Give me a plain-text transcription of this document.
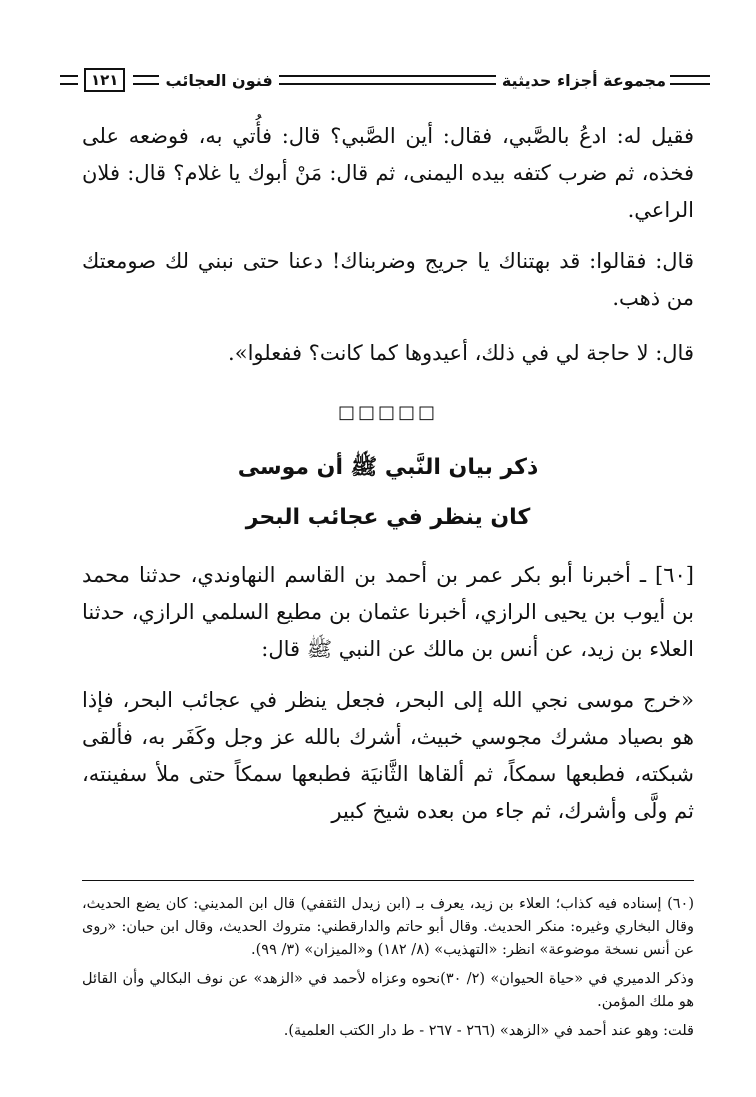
مجموعة أجزاء حديثية
فنون العجائب
١٢١

فقيل له: ادعُ بالصَّبي، فقال: أين الصَّبي؟ قال: فأُتي به، فوضعه على فخذه، ثم ضرب كتفه بيده اليمنى، ثم قال: مَنْ أبوك يا غلام؟ قال: فلان الراعي.

قال: فقالوا: قد بهتناك يا جريج وضربناك! دعنا حتى نبني لك صومعتك من ذهب.

قال: لا حاجة لي في ذلك، أعيدوها كما كانت؟ ففعلوا».

□□□□□

ذكر بيان النَّبي ﷺ أن موسى

كان ينظر في عجائب البحر

[٦٠] ـ أخبرنا أبو بكر عمر بن أحمد بن القاسم النهاوندي، حدثنا محمد بن أيوب بن يحيى الرازي، أخبرنا عثمان بن مطيع السلمي الرازي، حدثنا العلاء بن زيد، عن أنس بن مالك عن النبي ﷺ قال:

«خرج موسى نجي الله إلى البحر، فجعل ينظر في عجائب البحر، فإذا هو بصياد مشرك مجوسي خبيث، أشرك بالله عز وجل وكَفَر به، فألقى شبكته، فطبعها سمكاً، ثم ألقاها الثَّانيَة فطبعها سمكاً حتى ملأ سفينته، ثم ولَّى وأشرك، ثم جاء من بعده شيخ كبير

(٦٠) إسناده فيه كذاب؛ العلاء بن زيد، يعرف بـ (ابن زيدل الثقفي) قال ابن المديني: كان يضع الحديث، وقال البخاري وغيره: منكر الحديث. وقال أبو حاتم والدارقطني: متروك الحديث، وقال ابن حبان: «روى عن أنس نسخة موضوعة» انظر: «التهذيب» (٨/ ١٨٢) و«الميزان» (٣/ ٩٩).

وذكر الدميري في «حياة الحيوان» (٢/ ٣٠)نحوه وعزاه لأحمد في «الزهد» عن نوف البكالي وأن القائل هو ملك المؤمن.

قلت: وهو عند أحمد في «الزهد» (٢٦٦ - ٢٦٧ - ط دار الكتب العلمية).
